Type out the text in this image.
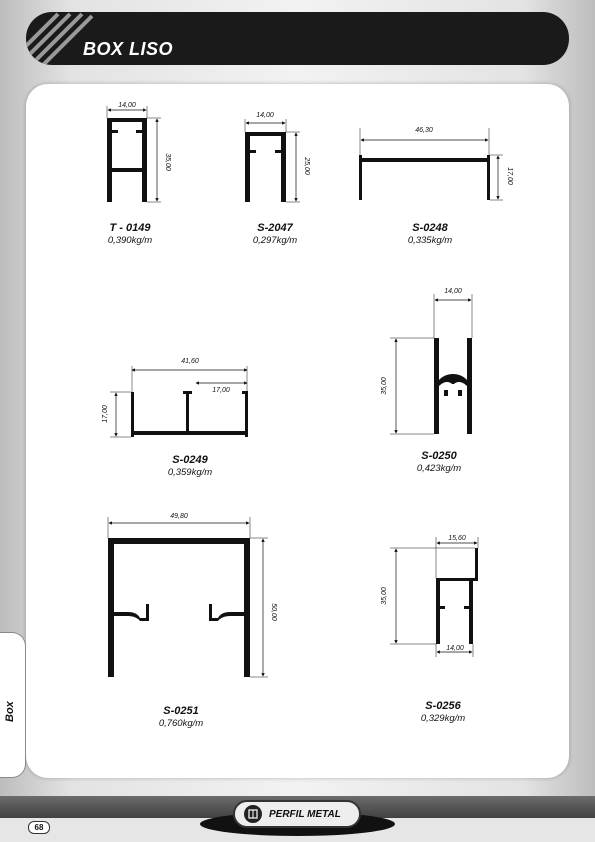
BOX LISO
Box
14,00
35,00
14,00
25,00
46,30
17,00
41,60
17,00
17,00
14,00
35,00
49,80
50,00
15,60
35,00
14,00
T - 0149
0,390kg/m
S-2047
0,297kg/m
S-0248
0,335kg/m
S-0249
0,359kg/m
S-0250
0,423kg/m
S-0251
0,760kg/m
S-0256
0,329kg/m
68
PERFIL METAL
